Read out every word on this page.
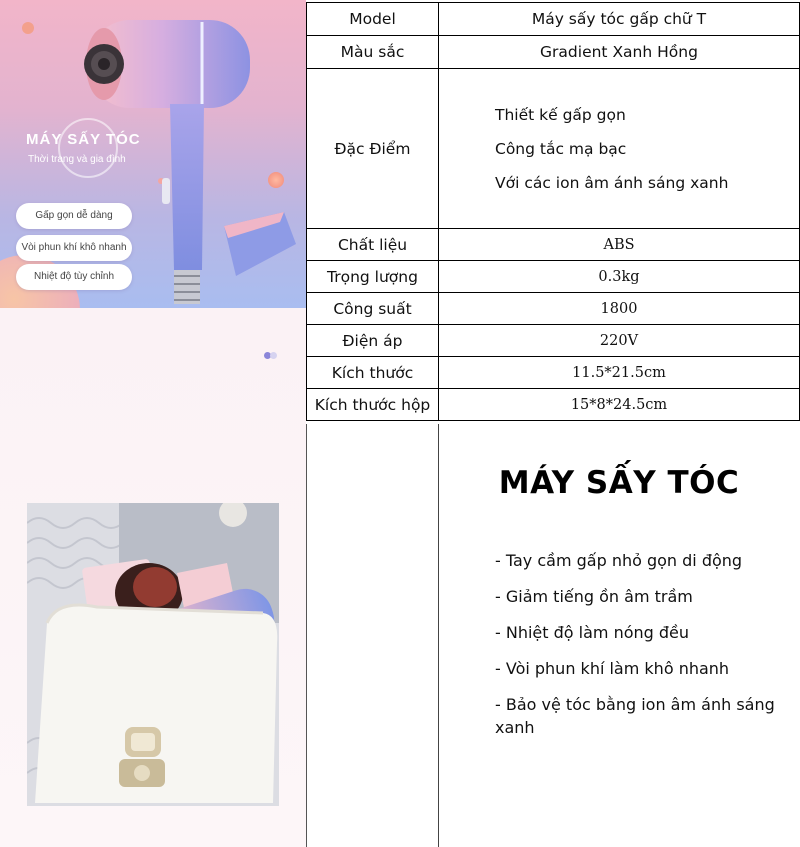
MÁY SẤY TÓC
Thời trang và gia đình
Gấp gọn dễ dàng
Vòi phun khí khô nhanh
Nhiệt độ tùy chỉnh
Model	Máy sấy tóc gấp chữ T
Màu sắc	Gradient Xanh Hồng
Đặc Điểm	Thiết kế gấp gọn
Công tắc mạ bạc
Với các ion âm ánh sáng xanh

Chất liệu	ABS
Trọng lượng	0.3kg
Công suất	1800
Điện áp	220V
Kích thước	11.5*21.5cm
Kích thước hộp	15*8*24.5cm
MÁY SẤY TÓC
- Tay cầm gấp nhỏ gọn di động
- Giảm tiếng ồn âm trầm
- Nhiệt độ làm nóng đều
- Vòi phun khí làm khô nhanh
- Bảo vệ tóc bằng ion âm ánh sáng xanh
